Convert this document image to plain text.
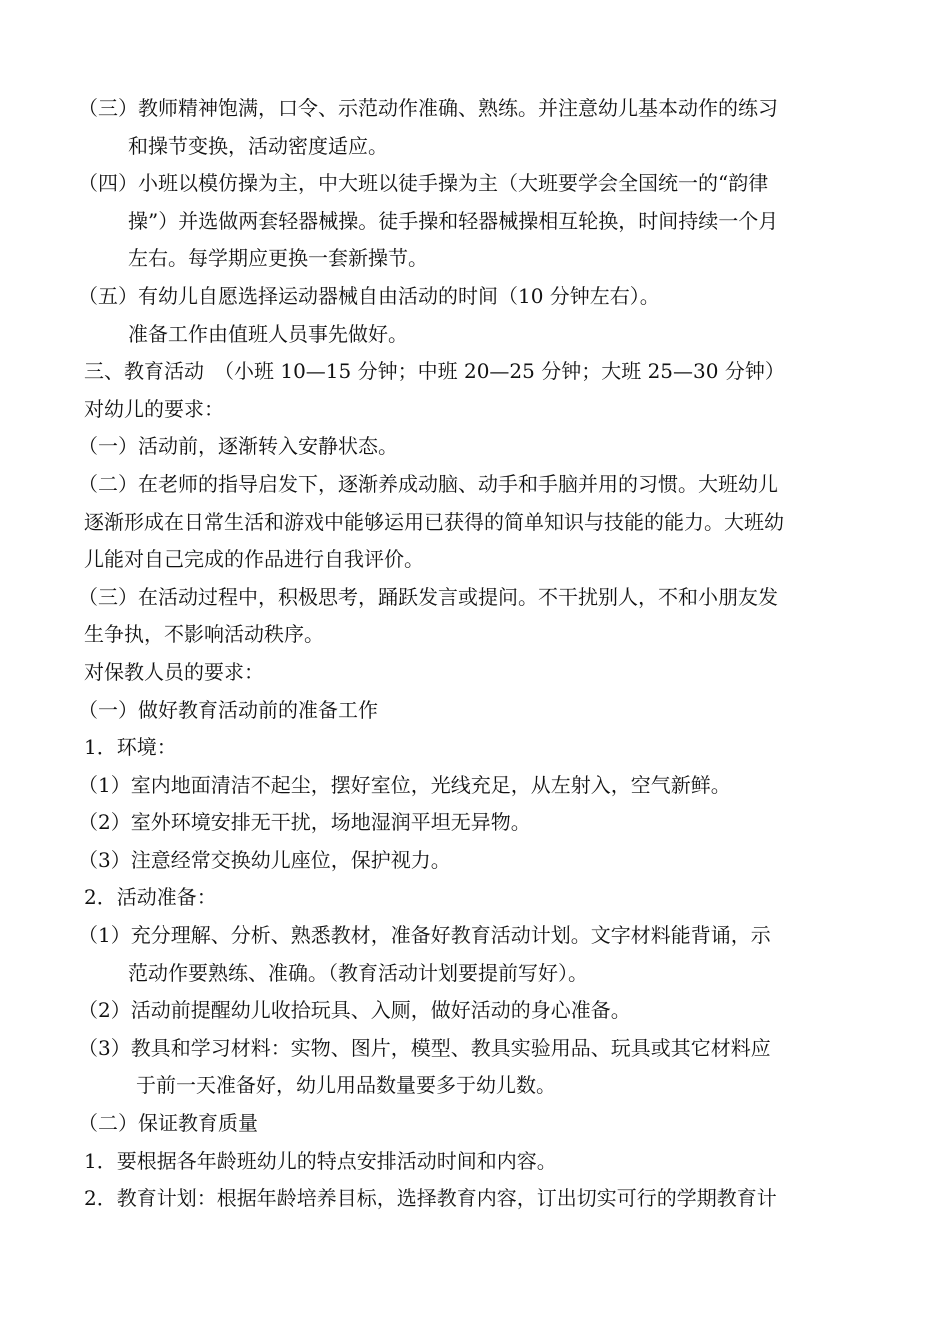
（三）教师精神饱满，口令、示范动作准确、熟练。并注意幼儿基本动作的练习
和操节变换，活动密度适应。
（四）小班以模仿操为主，中大班以徒手操为主（大班要学会全国统一的“韵律
操”）并选做两套轻器械操。徒手操和轻器械操相互轮换，时间持续一个月
左右。每学期应更换一套新操节。
（五）有幼儿自愿选择运动器械自由活动的时间（10 分钟左右）。
准备工作由值班人员事先做好。
三、教育活动　（小班 10—15 分钟；中班 20—25 分钟；大班 25—30 分钟）
对幼儿的要求：
（一）活动前，逐渐转入安静状态。
（二）在老师的指导启发下，逐渐养成动脑、动手和手脑并用的习惯。大班幼儿
逐渐形成在日常生活和游戏中能够运用已获得的简单知识与技能的能力。大班幼
儿能对自己完成的作品进行自我评价。
（三）在活动过程中，积极思考，踊跃发言或提问。不干扰别人，不和小朋友发
生争执，不影响活动秩序。
对保教人员的要求：
（一）做好教育活动前的准备工作
1．环境：
（1）室内地面清洁不起尘，摆好室位，光线充足，从左射入，空气新鲜。
（2）室外环境安排无干扰，场地湿润平坦无异物。
（3）注意经常交换幼儿座位，保护视力。
2．活动准备：
（1）充分理解、分析、熟悉教材，准备好教育活动计划。文字材料能背诵，示
范动作要熟练、准确。（教育活动计划要提前写好）。
（2）活动前提醒幼儿收拾玩具、入厕，做好活动的身心准备。
（3）教具和学习材料：实物、图片，模型、教具实验用品、玩具或其它材料应
于前一天准备好，幼儿用品数量要多于幼儿数。
（二）保证教育质量
1．要根据各年龄班幼儿的特点安排活动时间和内容。
2．教育计划：根据年龄培养目标，选择教育内容，订出切实可行的学期教育计
